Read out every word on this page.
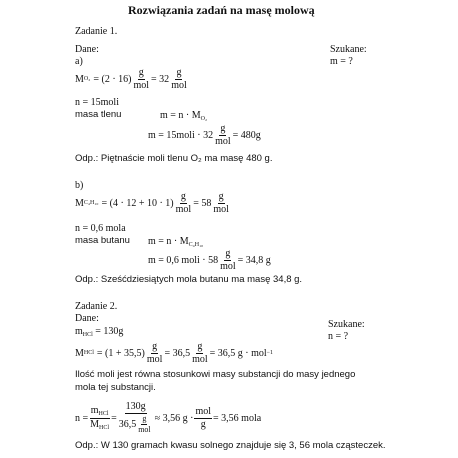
Rozwiązania zadań na masę molową
Zadanie 1.
Dane:	Szukane:
m = ?
a)
M $O_2 = (2 \cdot 16) \frac{g}{\text{mol}} = 32 \frac{g}{\text{mol}}$
n = 15moli
masa tlenu	$m = n \cdot M_{O_2}$
m = 15moli · $32 \frac{g}{\text{mol}} = 480g$
Odp.: Piętnaście moli tlenu O₂ ma masę 480 g.
b)
M $C_4H_{10} = (4 \cdot 12 + 10 \cdot 1) \frac{g}{\text{mol}} = 58 \frac{g}{\text{mol}}$
n = 0,6 mola
masa butanu $m = n \cdot M_{C_4H_{10}}$
m = 0,6 moli · $58 \frac{g}{\text{mol}} = 34,8$ g
Odp.: Sześćdziesiątych mola butanu ma masę 34,8 g.
Zadanie 2.
Dane:
Szukane:
n = ?
$m_{HCl} = 130g$
M HCl = $(1 + 35,5) \frac{g}{\text{mol}} = 36,5 \frac{g}{\text{mol}} = 36,5$ g · mol −1
Ilość moli jest równa stosunkowi masy substancji do masy jednego
mola tej substancji.
$n = \frac{m_{HCl}}{M_{HCl}} = \frac{130g}{36,5 \frac{g}{\text{mol}}} \approx 3,56$ $g \cdot \frac{\text{mol}}{g} = 3,56$ mola
Odp.: W 130 gramach kwasu solnego znajduje się 3, 56 mola cząsteczek.
